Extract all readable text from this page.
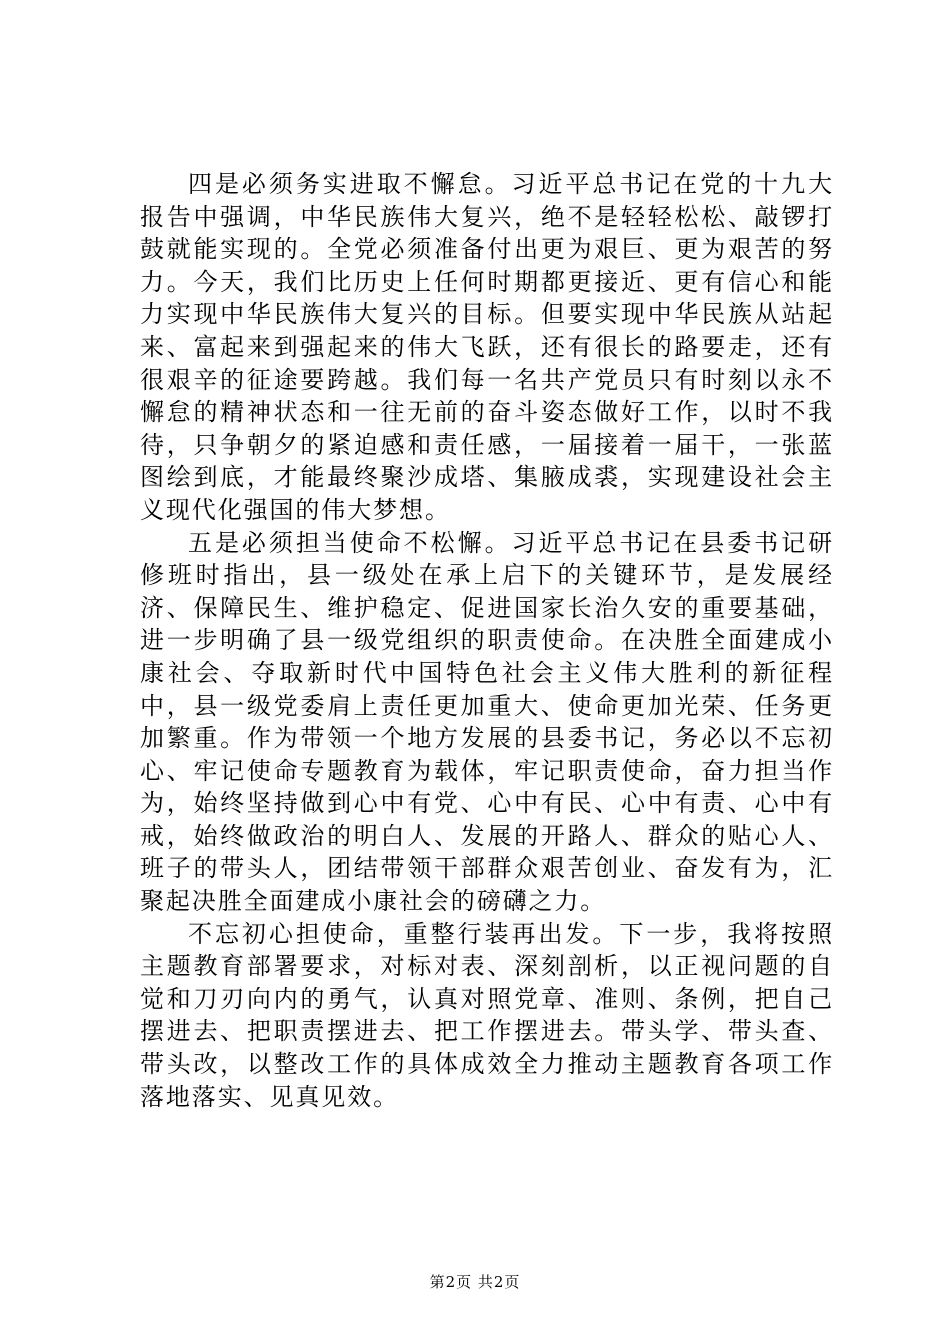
四是必须务实进取不懈怠。习近平总书记在党的十九大报告中强调，中华民族伟大复兴，绝不是轻轻松松、敲锣打鼓就能实现的。全党必须准备付出更为艰巨、更为艰苦的努力。今天，我们比历史上任何时期都更接近、更有信心和能力实现中华民族伟大复兴的目标。但要实现中华民族从站起来、富起来到强起来的伟大飞跃，还有很长的路要走，还有很艰辛的征途要跨越。我们每一名共产党员只有时刻以永不懈怠的精神状态和一往无前的奋斗姿态做好工作，以时不我待，只争朝夕的紧迫感和责任感，一届接着一届干，一张蓝图绘到底，才能最终聚沙成塔、集腋成裘，实现建设社会主义现代化强国的伟大梦想。

五是必须担当使命不松懈。习近平总书记在县委书记研修班时指出，县一级处在承上启下的关键环节，是发展经济、保障民生、维护稳定、促进国家长治久安的重要基础，进一步明确了县一级党组织的职责使命。在决胜全面建成小康社会、夺取新时代中国特色社会主义伟大胜利的新征程中，县一级党委肩上责任更加重大、使命更加光荣、任务更加繁重。作为带领一个地方发展的县委书记，务必以不忘初心、牢记使命专题教育为载体，牢记职责使命，奋力担当作为，始终坚持做到心中有党、心中有民、心中有责、心中有戒，始终做政治的明白人、发展的开路人、群众的贴心人、班子的带头人，团结带领干部群众艰苦创业、奋发有为，汇聚起决胜全面建成小康社会的磅礴之力。

不忘初心担使命，重整行装再出发。下一步，我将按照主题教育部署要求，对标对表、深刻剖析，以正视问题的自觉和刀刃向内的勇气，认真对照党章、准则、条例，把自己摆进去、把职责摆进去、把工作摆进去。带头学、带头查、带头改，以整改工作的具体成效全力推动主题教育各项工作落地落实、见真见效。

第2页 共2页
